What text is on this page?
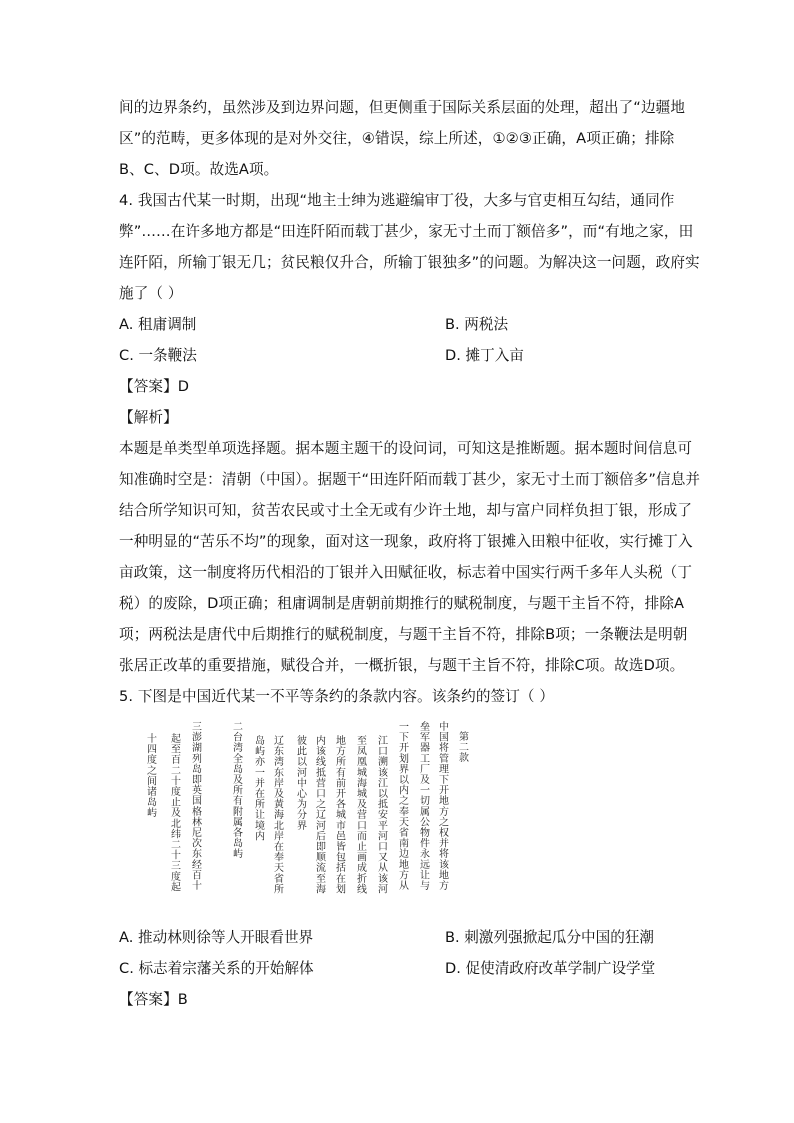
间的边界条约，虽然涉及到边界问题，但更侧重于国际关系层面的处理，超出了“边疆地
区”的范畴，更多体现的是对外交往，④错误，综上所述，①②③正确，A项正确；排除
B、C、D项。故选A项。
4. 我国古代某一时期，出现“地主士绅为逃避编审丁役，大多与官吏相互勾结，通同作
弊”……在许多地方都是“田连阡陌而载丁甚少，家无寸土而丁额倍多”，而“有地之家，田
连阡陌，所输丁银无几；贫民粮仅升合，所输丁银独多”的问题。为解决这一问题，政府实
施了（ ）
A. 租庸调制	B. 两税法
C. 一条鞭法	D. 摊丁入亩
【答案】D
【解析】
本题是单类型单项选择题。据本题主题干的设问词，可知这是推断题。据本题时间信息可
知准确时空是：清朝（中国）。据题干“田连阡陌而载丁甚少，家无寸土而丁额倍多”信息并
结合所学知识可知，贫苦农民或寸土全无或有少许土地，却与富户同样负担丁银，形成了
一种明显的“苦乐不均”的现象，面对这一现象，政府将丁银摊入田粮中征收，实行摊丁入
亩政策，这一制度将历代相沿的丁银并入田赋征收，标志着中国实行两千多年人头税（丁
税）的废除，D项正确；租庸调制是唐朝前期推行的赋税制度，与题干主旨不符，排除A
项；两税法是唐代中后期推行的赋税制度，与题干主旨不符，排除B项；一条鞭法是明朝
张居正改革的重要措施，赋役合并，一概折银，与题干主旨不符，排除C项。故选D项。
5. 下图是中国近代某一不平等条约的条款内容。该条约的签订（ ）
第二款
中国将管理下开地方之权并将该地方
垒军器工厂及一切属公物件永远让与
一下开划界以内之奉天省南边地方从
江口溯该江以抵安平河口又从该河
至凤凰城海城及营口而止画成折线
地方所有前开各城市邑皆包括在划
内该线抵营口之辽河后即顺流至海
彼此以河中心为分界
辽东湾东岸及黄海北岸在奉天省所
岛屿亦一并在所让境内
二台湾全岛及所有附属各岛屿
三澎湖列岛即英国格林尼次东经百十
起至百二十度止及北纬二十三度起
十四度之间诸岛屿
A. 推动林则徐等人开眼看世界	B. 刺激列强掀起瓜分中国的狂潮
C. 标志着宗藩关系的开始解体	D. 促使清政府改革学制广设学堂
【答案】B
